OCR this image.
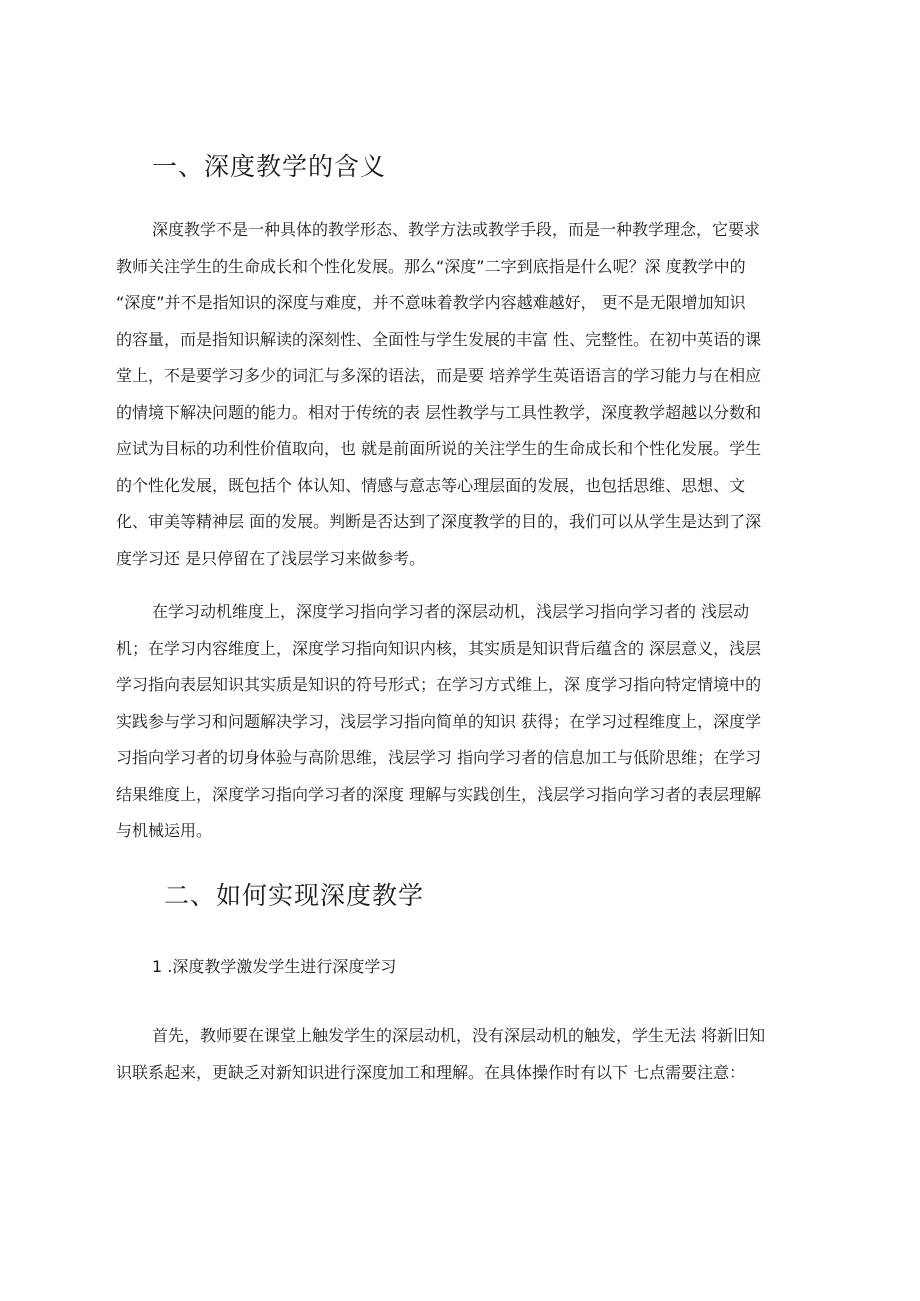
一、深度教学的含义
深度教学不是一种具体的教学形态、教学方法或教学手段，而是一种教学理念，它要求
教师关注学生的生命成长和个性化发展。那么“深度”二字到底指是什么呢？深 度教学中的
“深度”并不是指知识的深度与难度，并不意味着教学内容越难越好， 更不是无限增加知识
的容量，而是指知识解读的深刻性、全面性与学生发展的丰富 性、完整性。在初中英语的课
堂上，不是要学习多少的词汇与多深的语法，而是要 培养学生英语语言的学习能力与在相应
的情境下解决问题的能力。相对于传统的表 层性教学与工具性教学，深度教学超越以分数和
应试为目标的功利性价值取向，也 就是前面所说的关注学生的生命成长和个性化发展。学生
的个性化发展，既包括个 体认知、情感与意志等心理层面的发展，也包括思维、思想、文
化、审美等精神层 面的发展。判断是否达到了深度教学的目的，我们可以从学生是达到了深
度学习还 是只停留在了浅层学习来做参考。
在学习动机维度上，深度学习指向学习者的深层动机，浅层学习指向学习者的 浅层动
机；在学习内容维度上，深度学习指向知识内核，其实质是知识背后蕴含的 深层意义，浅层
学习指向表层知识其实质是知识的符号形式；在学习方式维上，深 度学习指向特定情境中的
实践参与学习和问题解决学习，浅层学习指向简单的知识 获得；在学习过程维度上，深度学
习指向学习者的切身体验与高阶思维，浅层学习 指向学习者的信息加工与低阶思维；在学习
结果维度上，深度学习指向学习者的深度 理解与实践创生，浅层学习指向学习者的表层理解
与机械运用。
二、如何实现深度教学
1 .深度教学激发学生进行深度学习
首先，教师要在课堂上触发学生的深层动机，没有深层动机的触发，学生无法 将新旧知
识联系起来，更缺乏对新知识进行深度加工和理解。在具体操作时有以下 七点需要注意：
